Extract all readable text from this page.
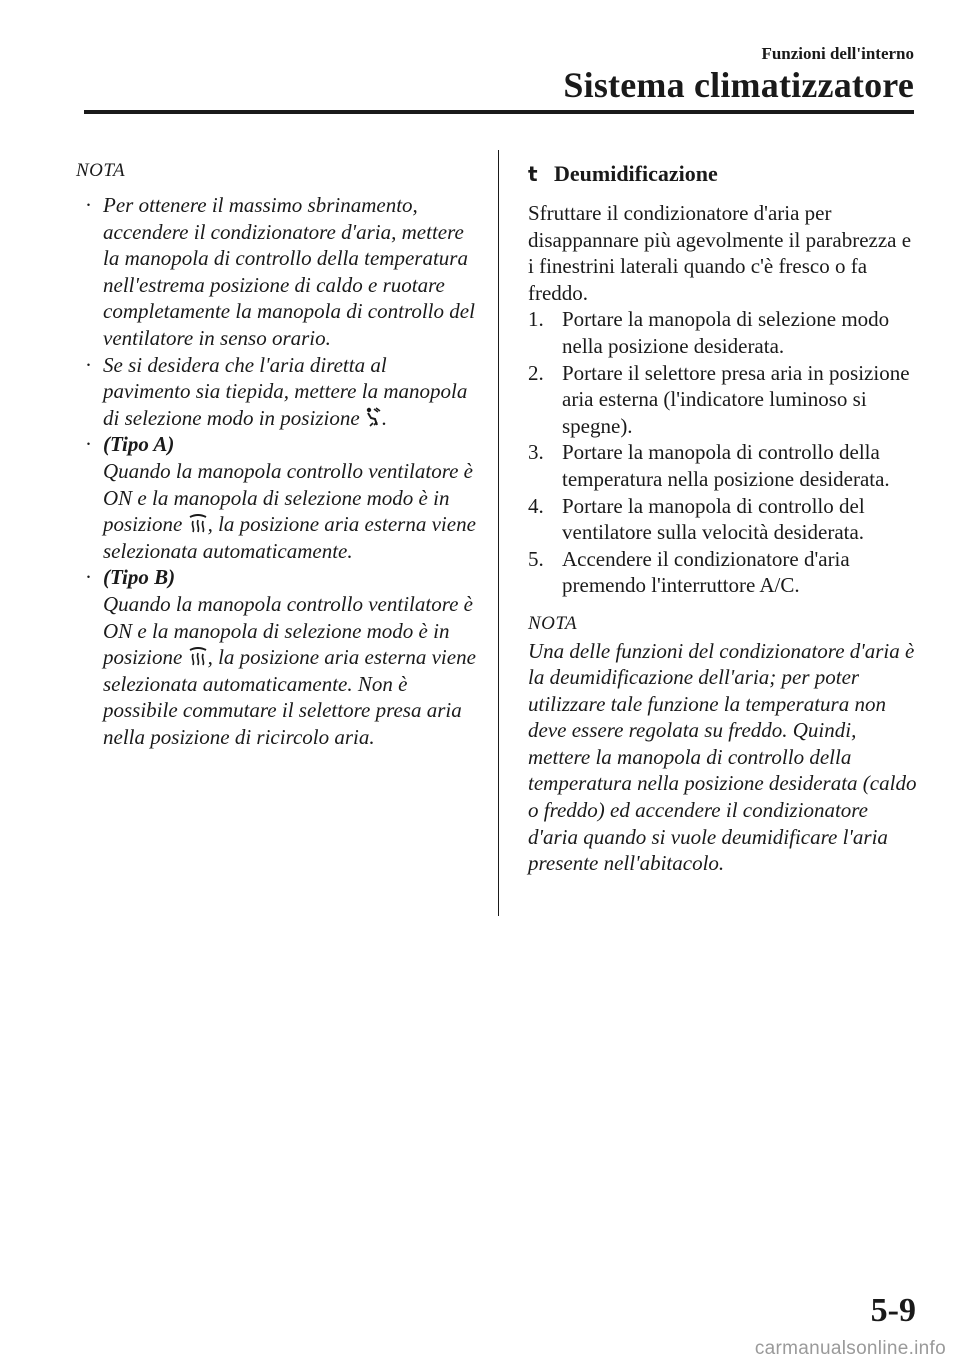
Funzioni dell'interno
Sistema climatizzatore
NOTA
· Per ottenere il massimo sbrinamento, accendere il condizionatore d'aria, mettere la manopola di controllo della temperatura nell'estrema posizione di caldo e ruotare completamente la manopola di controllo del ventilatore in senso orario.
· Se si desidera che l'aria diretta al pavimento sia tiepida, mettere la manopola di selezione modo in posizione .
· (Tipo A)
Quando la manopola controllo ventilatore è ON e la manopola di selezione modo è in posizione , la posizione aria esterna viene selezionata automaticamente.
· (Tipo B)
Quando la manopola controllo ventilatore è ON e la manopola di selezione modo è in posizione , la posizione aria esterna viene selezionata automaticamente. Non è possibile commutare il selettore presa aria nella posizione di ricircolo aria.
t Deumidificazione
Sfruttare il condizionatore d'aria per disappannare più agevolmente il parabrezza e i finestrini laterali quando c'è fresco o fa freddo.
1. Portare la manopola di selezione modo nella posizione desiderata.
2. Portare il selettore presa aria in posizione aria esterna (l'indicatore luminoso si spegne).
3. Portare la manopola di controllo della temperatura nella posizione desiderata.
4. Portare la manopola di controllo del ventilatore sulla velocità desiderata.
5. Accendere il condizionatore d'aria premendo l'interruttore A/C.
NOTA
Una delle funzioni del condizionatore d'aria è la deumidificazione dell'aria; per poter utilizzare tale funzione la temperatura non deve essere regolata su freddo. Quindi, mettere la manopola di controllo della temperatura nella posizione desiderata (caldo o freddo) ed accendere il condizionatore d'aria quando si vuole deumidificare l'aria presente nell'abitacolo.
5-9
carmanualsonline.info
